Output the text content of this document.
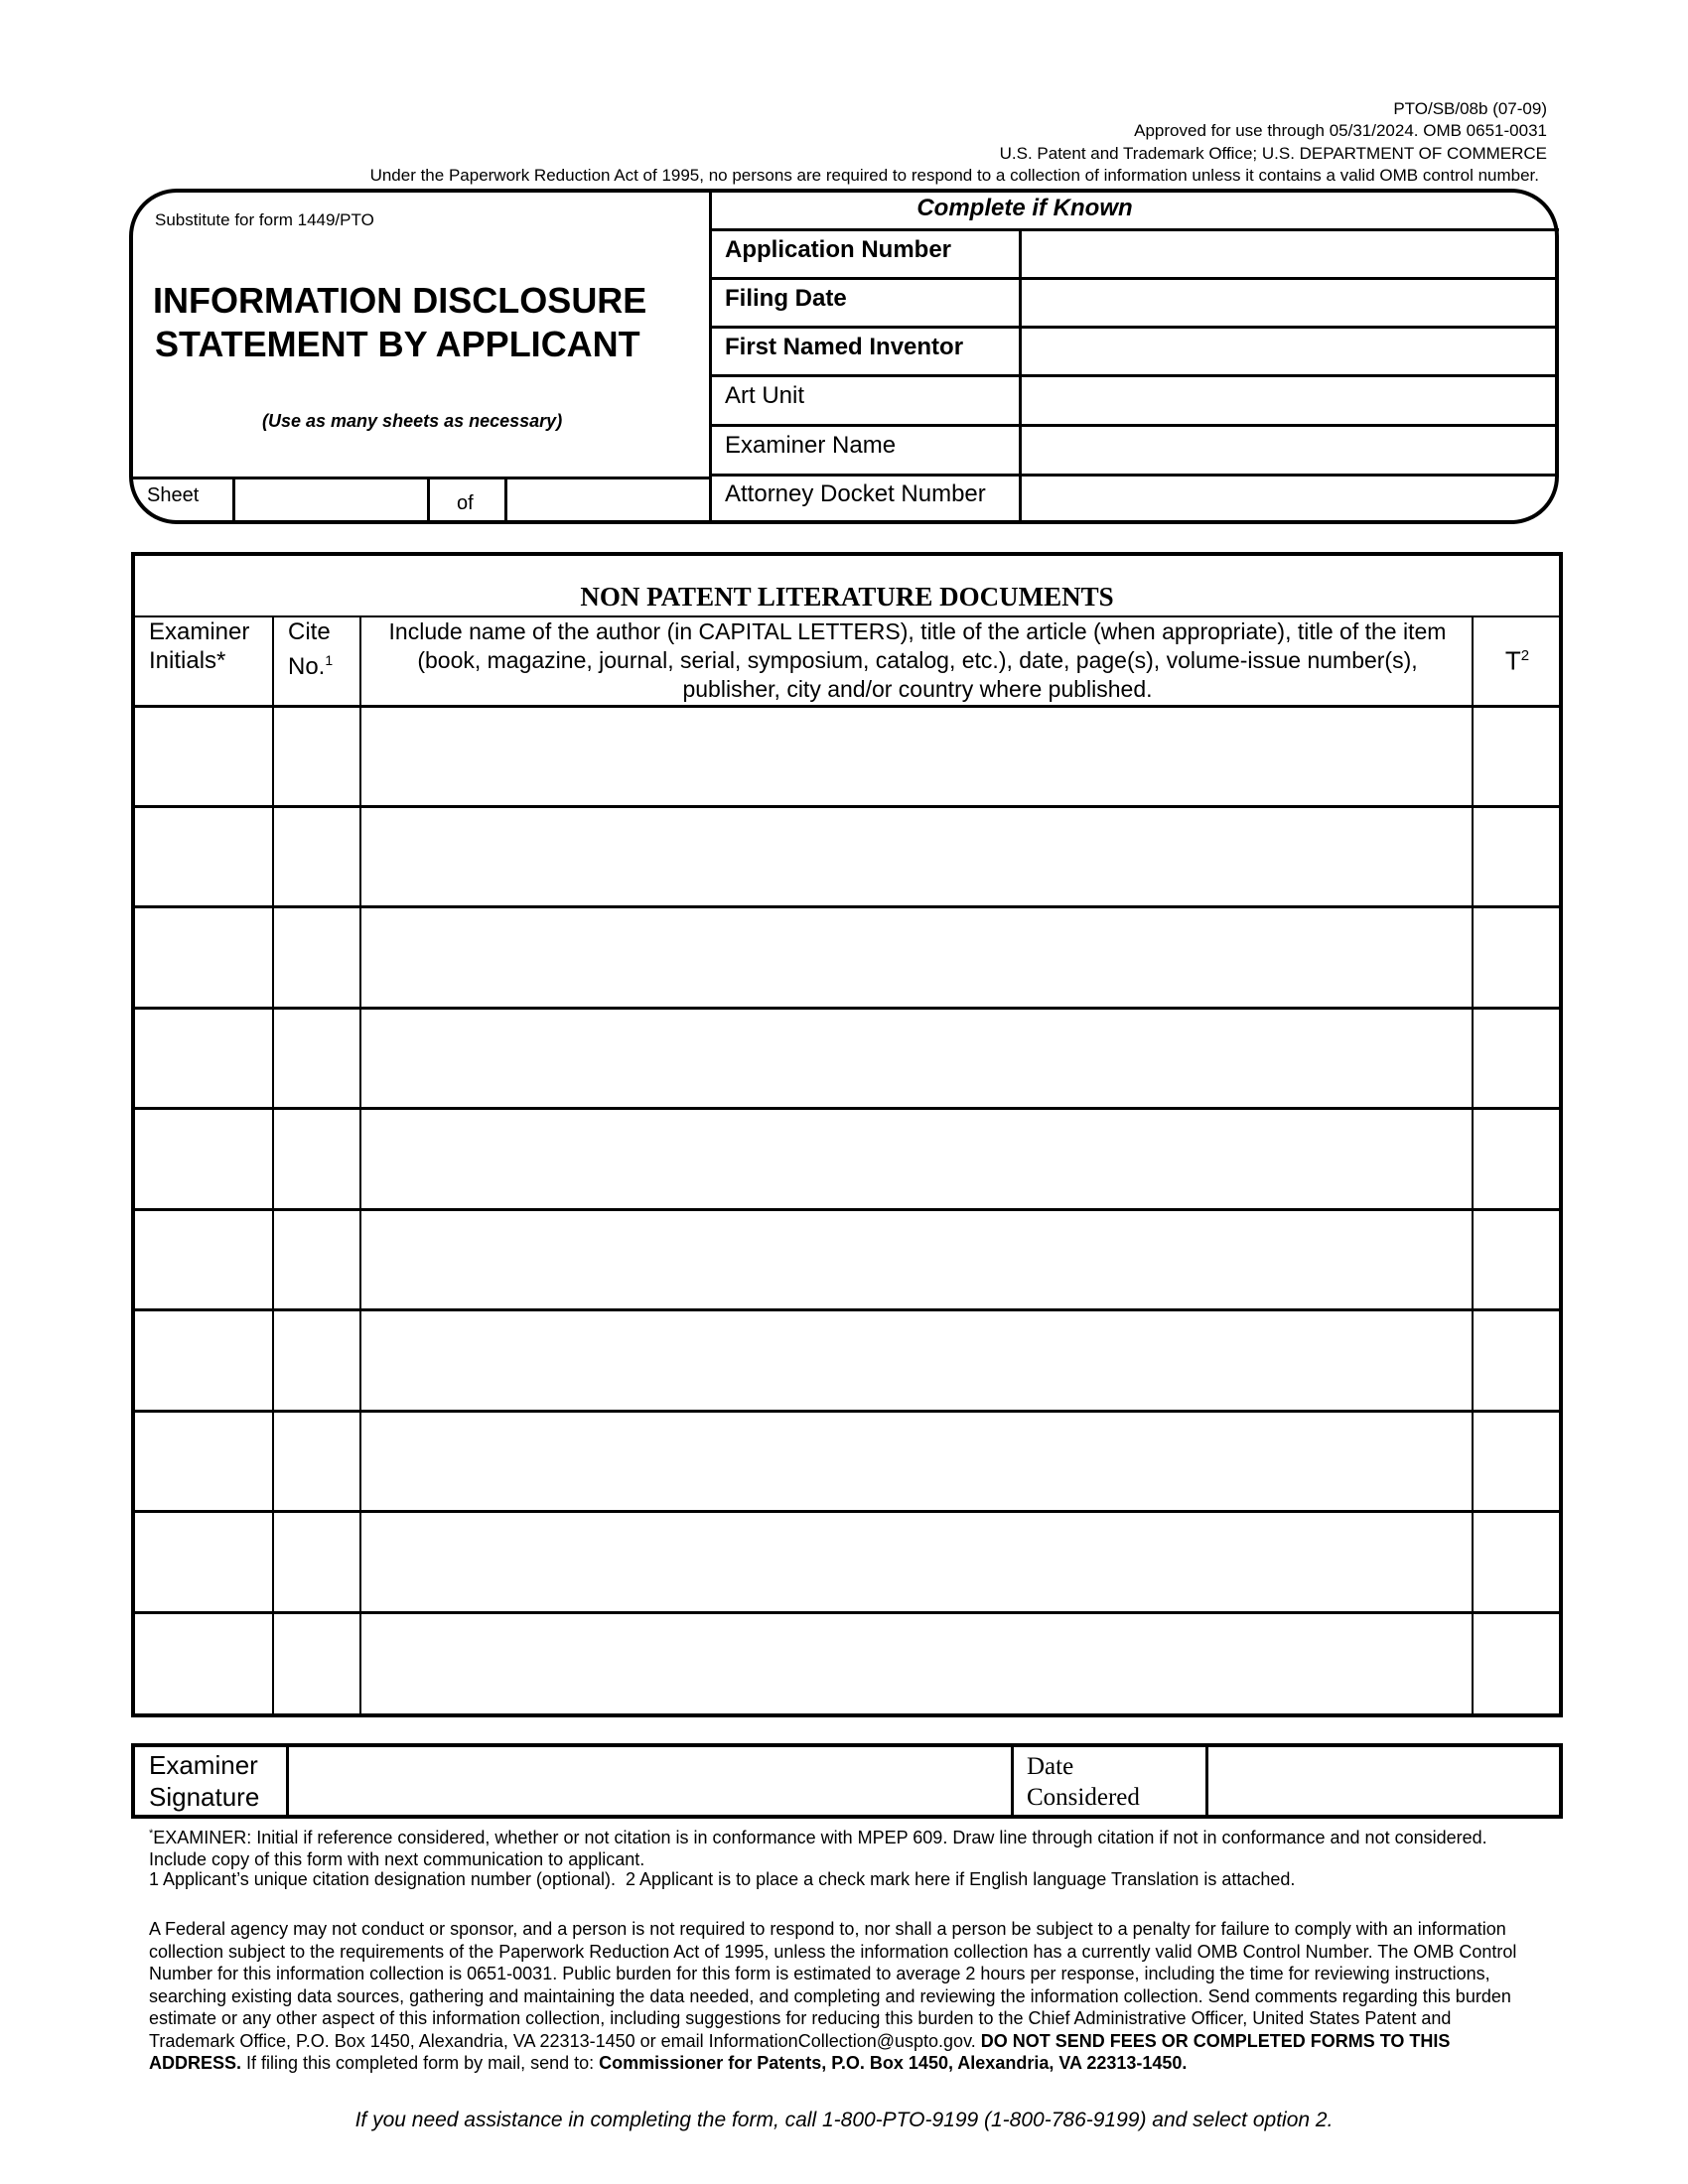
PTO/SB/08b (07-09)
Approved for use through 05/31/2024. OMB 0651-0031
U.S. Patent and Trademark Office; U.S. DEPARTMENT OF COMMERCE
Under the Paperwork Reduction Act of 1995, no persons are required to respond to a collection of information unless it contains a valid OMB control number.
Substitute for form 1449/PTO
INFORMATION DISCLOSURE
STATEMENT BY APPLICANT
(Use as many sheets as necessary)
Sheet	of
Complete if Known
Application Number
Filing Date
First Named Inventor
Art Unit
Examiner Name
Attorney Docket Number
NON PATENT LITERATURE DOCUMENTS
Examiner
Initials*
Cite
No.$^1$
Include name of the author (in CAPITAL LETTERS), title of the article (when appropriate), title of the item (book, magazine, journal, serial, symposium, catalog, etc.), date, page(s), volume-issue number(s), publisher, city and/or country where published.
$T^2$
Examiner
Signature
Date
Considered
*EXAMINER: Initial if reference considered, whether or not citation is in conformance with MPEP 609. Draw line through citation if not in conformance and not considered. Include copy of this form with next communication to applicant.
1 Applicant’s unique citation designation number (optional). 2 Applicant is to place a check mark here if English language Translation is attached.
A Federal agency may not conduct or sponsor, and a person is not required to respond to, nor shall a person be subject to a penalty for failure to comply with an information collection subject to the requirements of the Paperwork Reduction Act of 1995, unless the information collection has a currently valid OMB Control Number. The OMB Control Number for this information collection is 0651-0031. Public burden for this form is estimated to average 2 hours per response, including the time for reviewing instructions, searching existing data sources, gathering and maintaining the data needed, and completing and reviewing the information collection. Send comments regarding this burden estimate or any other aspect of this information collection, including suggestions for reducing this burden to the Chief Administrative Officer, United States Patent and Trademark Office, P.O. Box 1450, Alexandria, VA 22313-1450 or email InformationCollection@uspto.gov. DO NOT SEND FEES OR COMPLETED FORMS TO THIS ADDRESS. If filing this completed form by mail, send to: Commissioner for Patents, P.O. Box 1450, Alexandria, VA 22313-1450.
If you need assistance in completing the form, call 1-800-PTO-9199 (1-800-786-9199) and select option 2.
